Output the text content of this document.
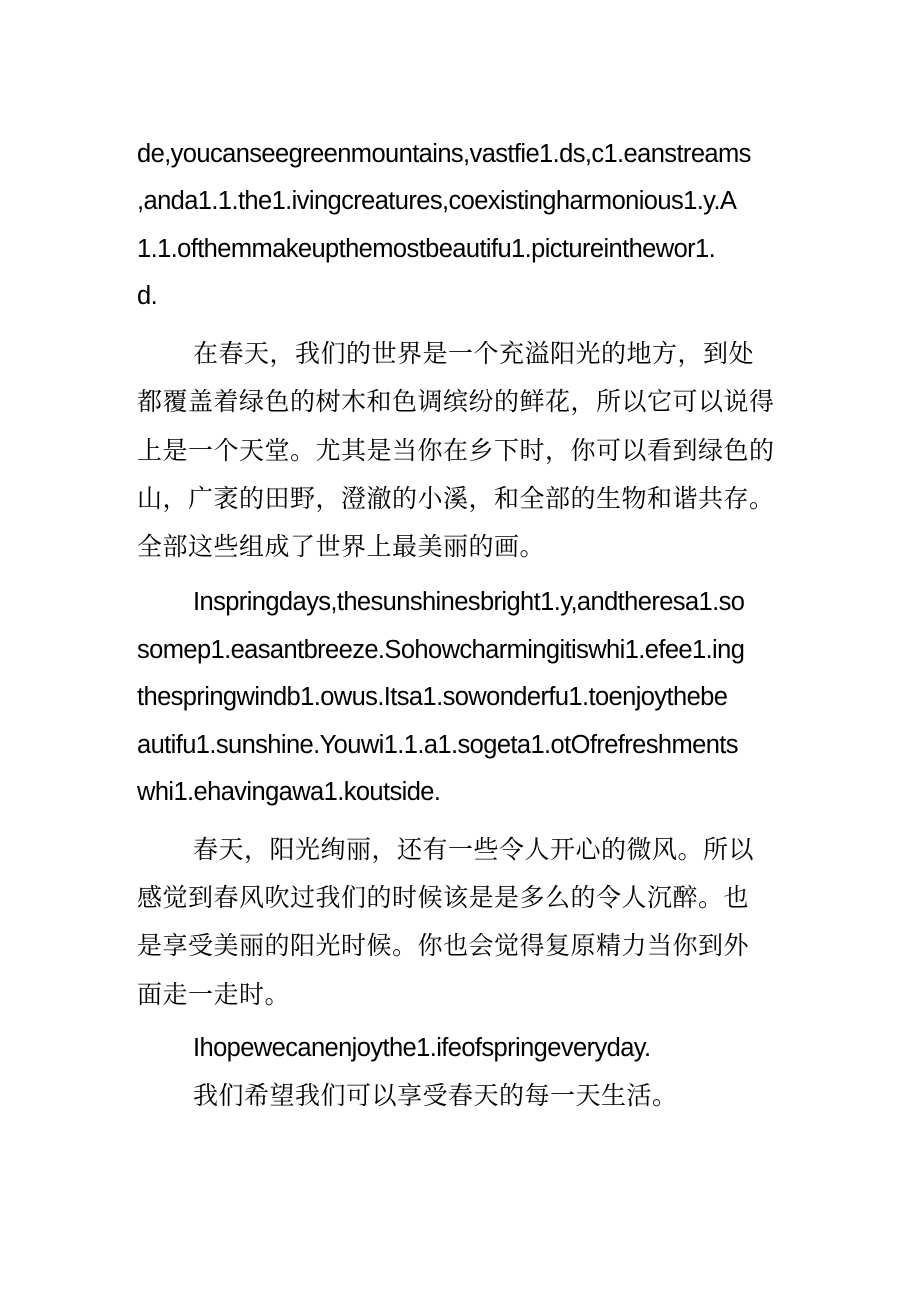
de,youcanseegreenmountains,vastfie1.ds,c1.eanstreams

,anda1.1.the1.ivingcreatures,coexistingharmonious1.y.A

1.1.ofthemmakeupthemostbeautifu1.pictureinthewor1.

d.

在春天，我们的世界是一个充溢阳光的地方，到处

都覆盖着绿色的树木和色调缤纷的鲜花，所以它可以说得

上是一个天堂。尤其是当你在乡下时，你可以看到绿色的

山，广袤的田野，澄澈的小溪，和全部的生物和谐共存。

全部这些组成了世界上最美丽的画。

Inspringdays,thesunshinesbright1.y,andtheresa1.so

somep1.easantbreeze.Sohowcharmingitiswhi1.efee1.ing

thespringwindb1.owus.Itsa1.sowonderfu1.toenjoythebe

autifu1.sunshine.Youwi1.1.a1.sogeta1.otOfrefreshments

whi1.ehavingawa1.koutside.

春天，阳光绚丽，还有一些令人开心的微风。所以

感觉到春风吹过我们的时候该是是多么的令人沉醉。也

是享受美丽的阳光时候。你也会觉得复原精力当你到外

面走一走时。

Ihopewecanenjoythe1.ifeofspringeveryday.

我们希望我们可以享受春天的每一天生活。
